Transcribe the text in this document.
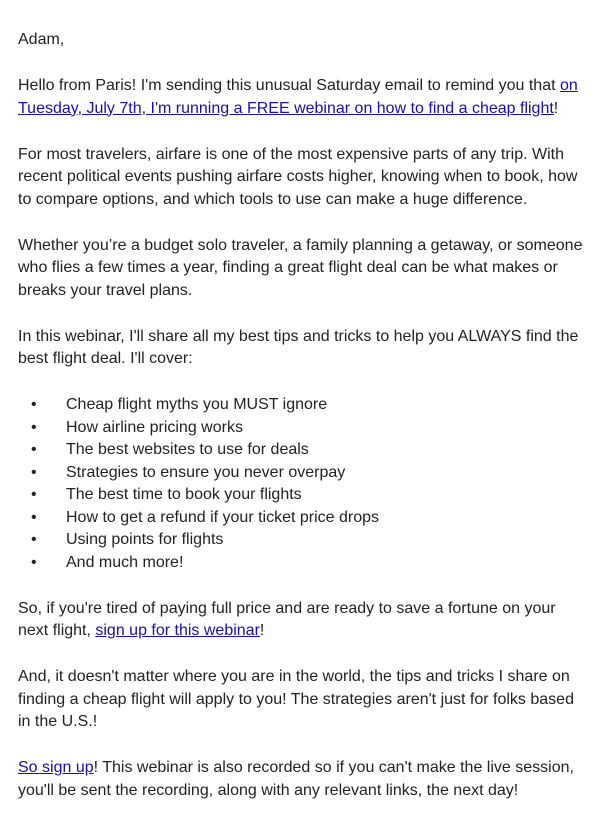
Adam,

Hello from Paris! I'm sending this unusual Saturday email to remind you that on Tuesday, July 7th, I'm running a FREE webinar on how to find a cheap flight!

For most travelers, airfare is one of the most expensive parts of any trip. With recent political events pushing airfare costs higher, knowing when to book, how to compare options, and which tools to use can make a huge difference.

Whether you’re a budget solo traveler, a family planning a getaway, or someone who flies a few times a year, finding a great flight deal can be what makes or breaks your travel plans.

In this webinar, I'll share all my best tips and tricks to help you ALWAYS find the best flight deal. I'll cover:

• Cheap flight myths you MUST ignore
• How airline pricing works
• The best websites to use for deals
• Strategies to ensure you never overpay
• The best time to book your flights
• How to get a refund if your ticket price drops
• Using points for flights
• And much more!

So, if you're tired of paying full price and are ready to save a fortune on your next flight, sign up for this webinar!

And, it doesn't matter where you are in the world, the tips and tricks I share on finding a cheap flight will apply to you! The strategies aren't just for folks based in the U.S.!

So sign up! This webinar is also recorded so if you can't make the live session, you'll be sent the recording, along with any relevant links, the next day!
